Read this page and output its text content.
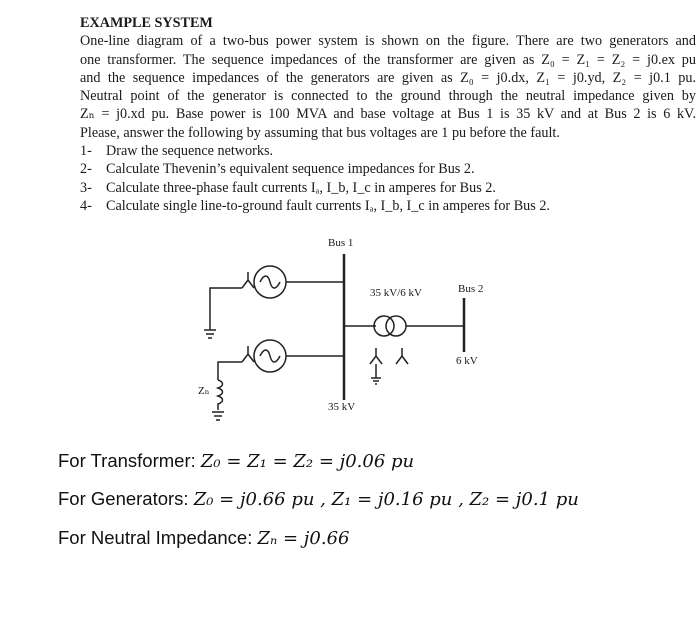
EXAMPLE SYSTEM
One-line diagram of a two-bus power system is shown on the figure. There are two generators and
one transformer. The sequence impedances of the transformer are given as Z₀ = Z₁ = Z₂ = j0.ex pu
and the sequence impedances of the generators are given as Z₀ = j0.dx, Z₁ = j0.yd, Z₂ = j0.1 pu.
Neutral point of the generator is connected to the ground through the neutral impedance given by
Zₙ = j0.xd pu. Base power is 100 MVA and base voltage at Bus 1 is 35 kV and at Bus 2 is 6 kV.
Please, answer the following by assuming that bus voltages are 1 pu before the fault.
1- Draw the sequence networks.
2- Calculate Thevenin’s equivalent sequence impedances for Bus 2.
3- Calculate three-phase fault currents Iₐ, I_b, I_c in amperes for Bus 2.
4- Calculate single line-to-ground fault currents Iₐ, I_b, I_c in amperes for Bus 2.
Bus 1
35 kV
Zₙ
35 kV/6 kV	Bus 2
6 kV
For Transformer: Z₀ = Z₁ = Z₂ = j0.06 pu
For Generators: Z₀ = j0.66 pu , Z₁ = j0.16 pu , Z₂ = j0.1 pu
For Neutral Impedance: Zₙ = j0.66
